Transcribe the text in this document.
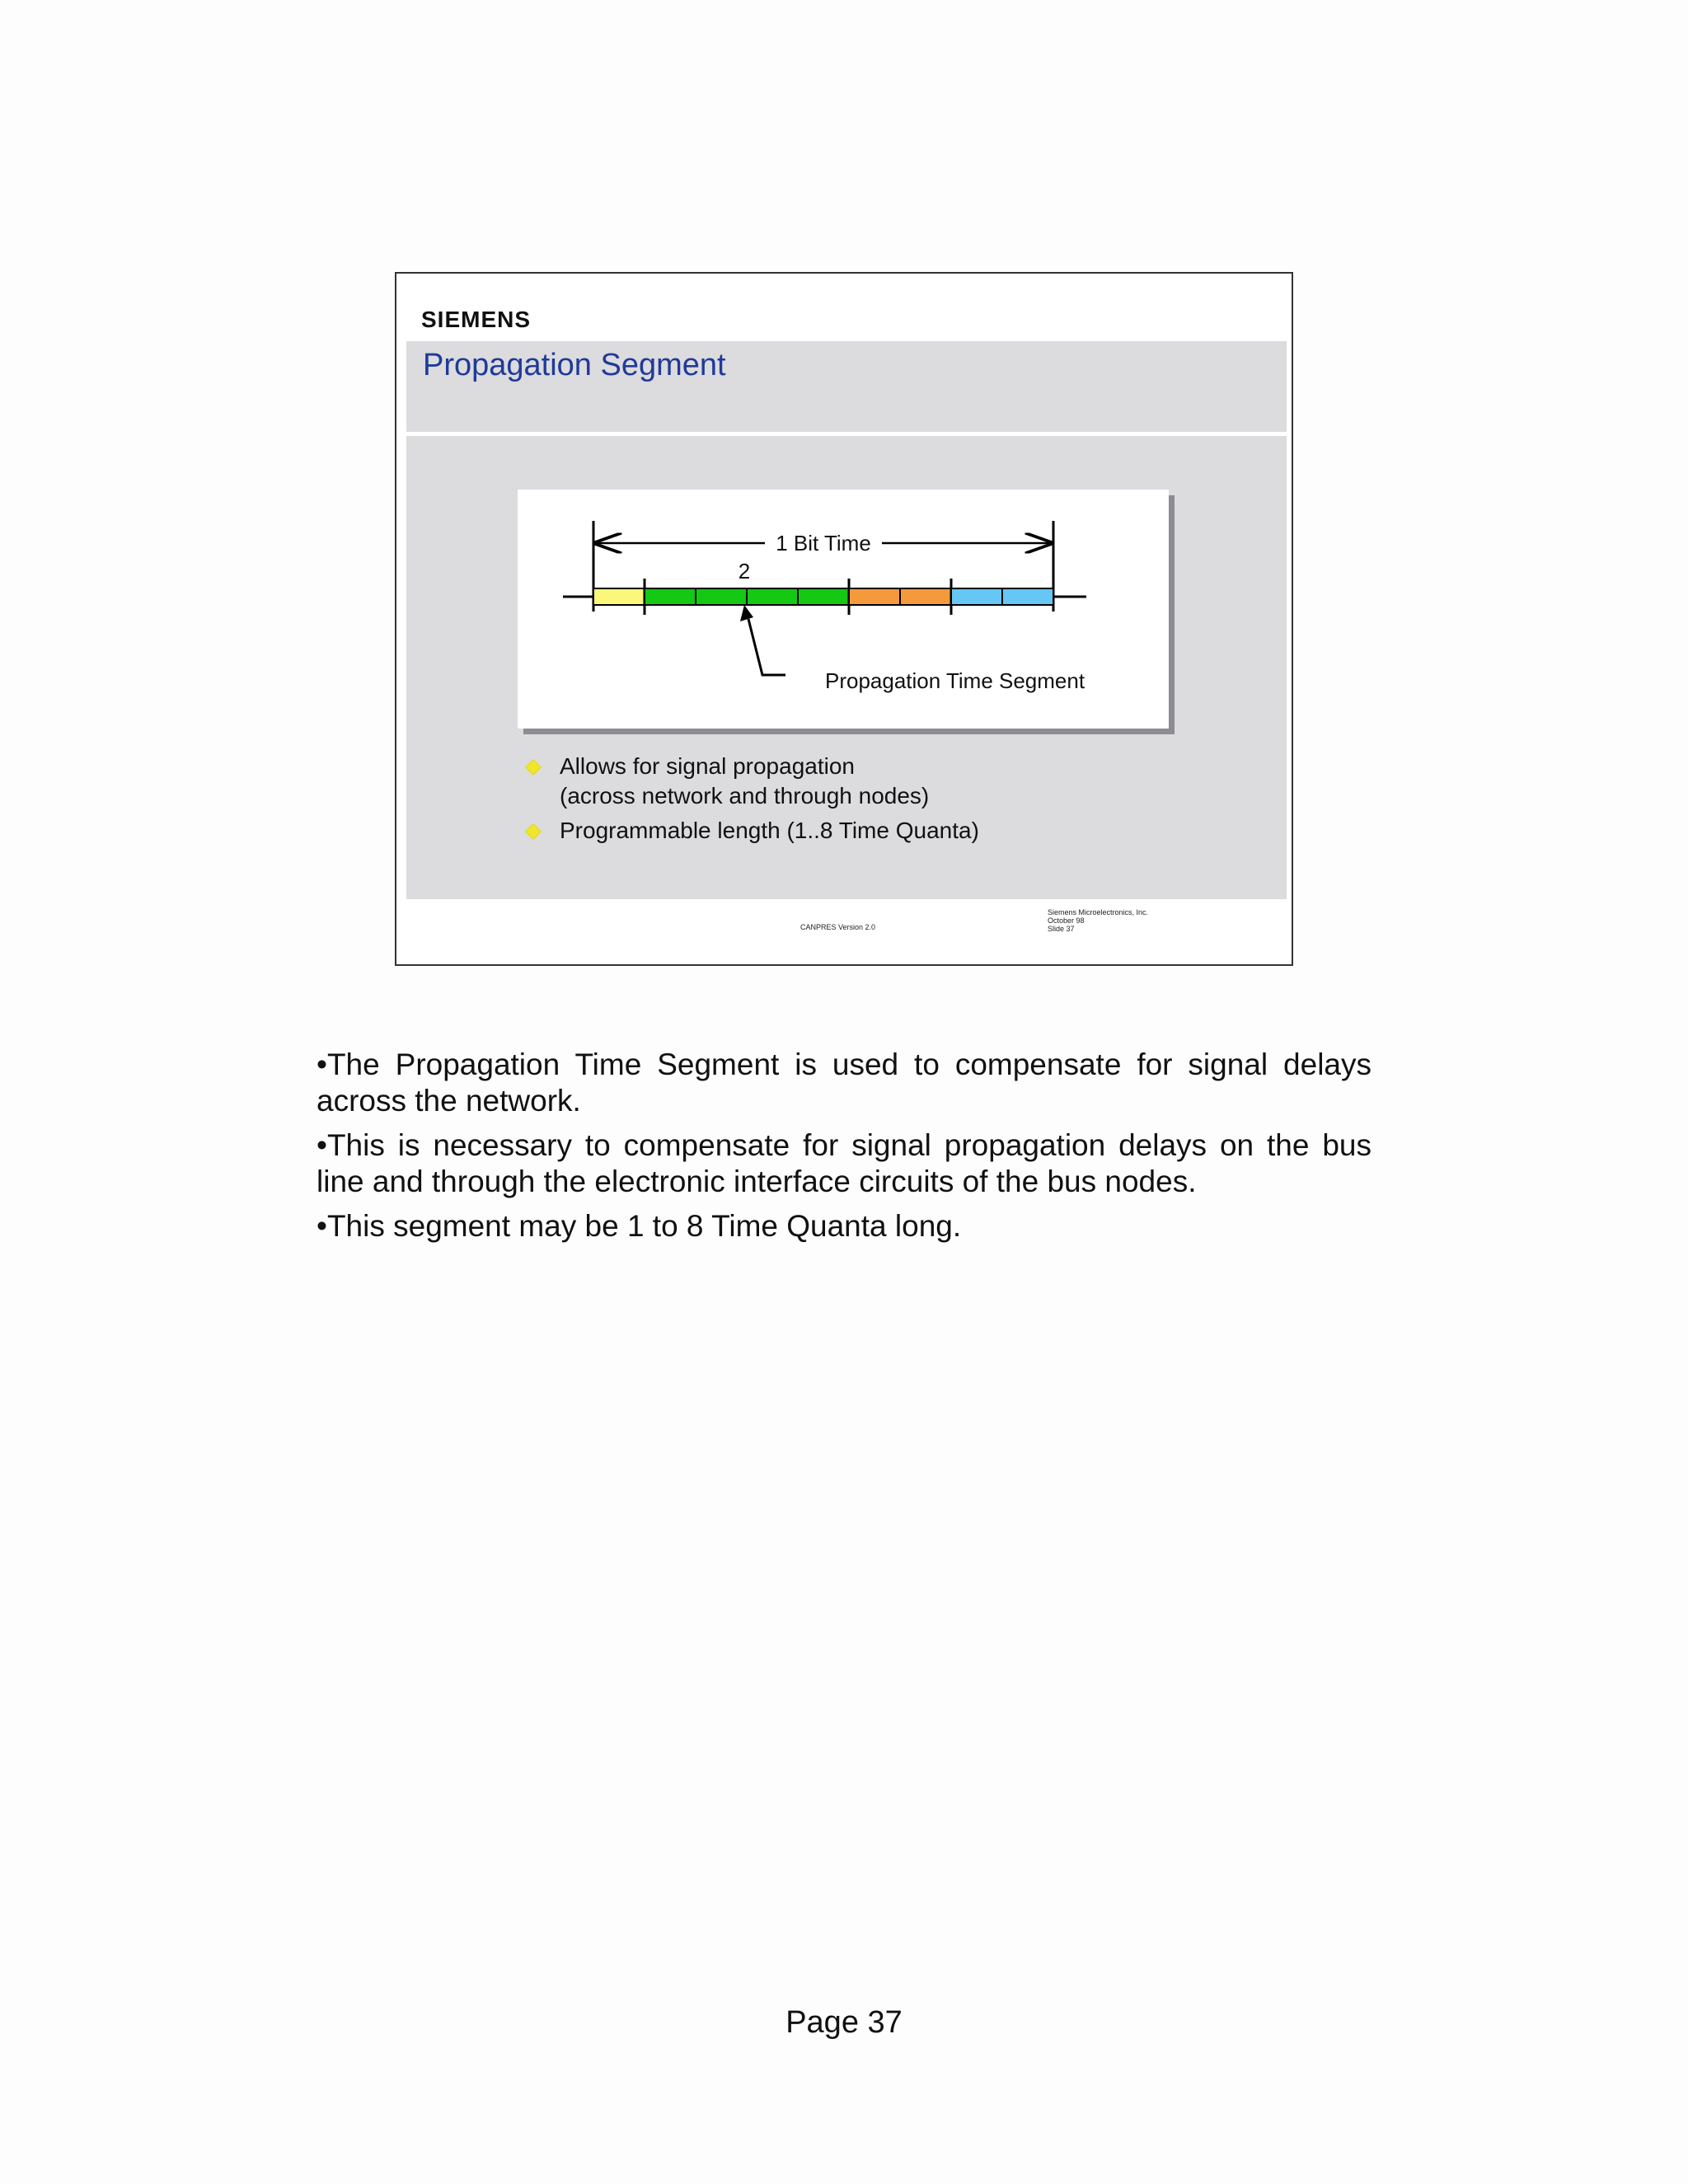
SIEMENS
Propagation Segment
1 Bit Time
2
Propagation Time Segment
Allows for signal propagation
(across network and through nodes)
Programmable length (1..8 Time Quanta)
CANPRES Version 2.0
Siemens Microelectronics, Inc.
October 98
Slide 37

•The Propagation Time Segment is used to compensate for signal delays across the network.

•This is necessary to compensate for signal propagation delays on the bus line and through the electronic interface circuits of the bus nodes.

•This segment may be 1 to 8 Time Quanta long.

Page 37
